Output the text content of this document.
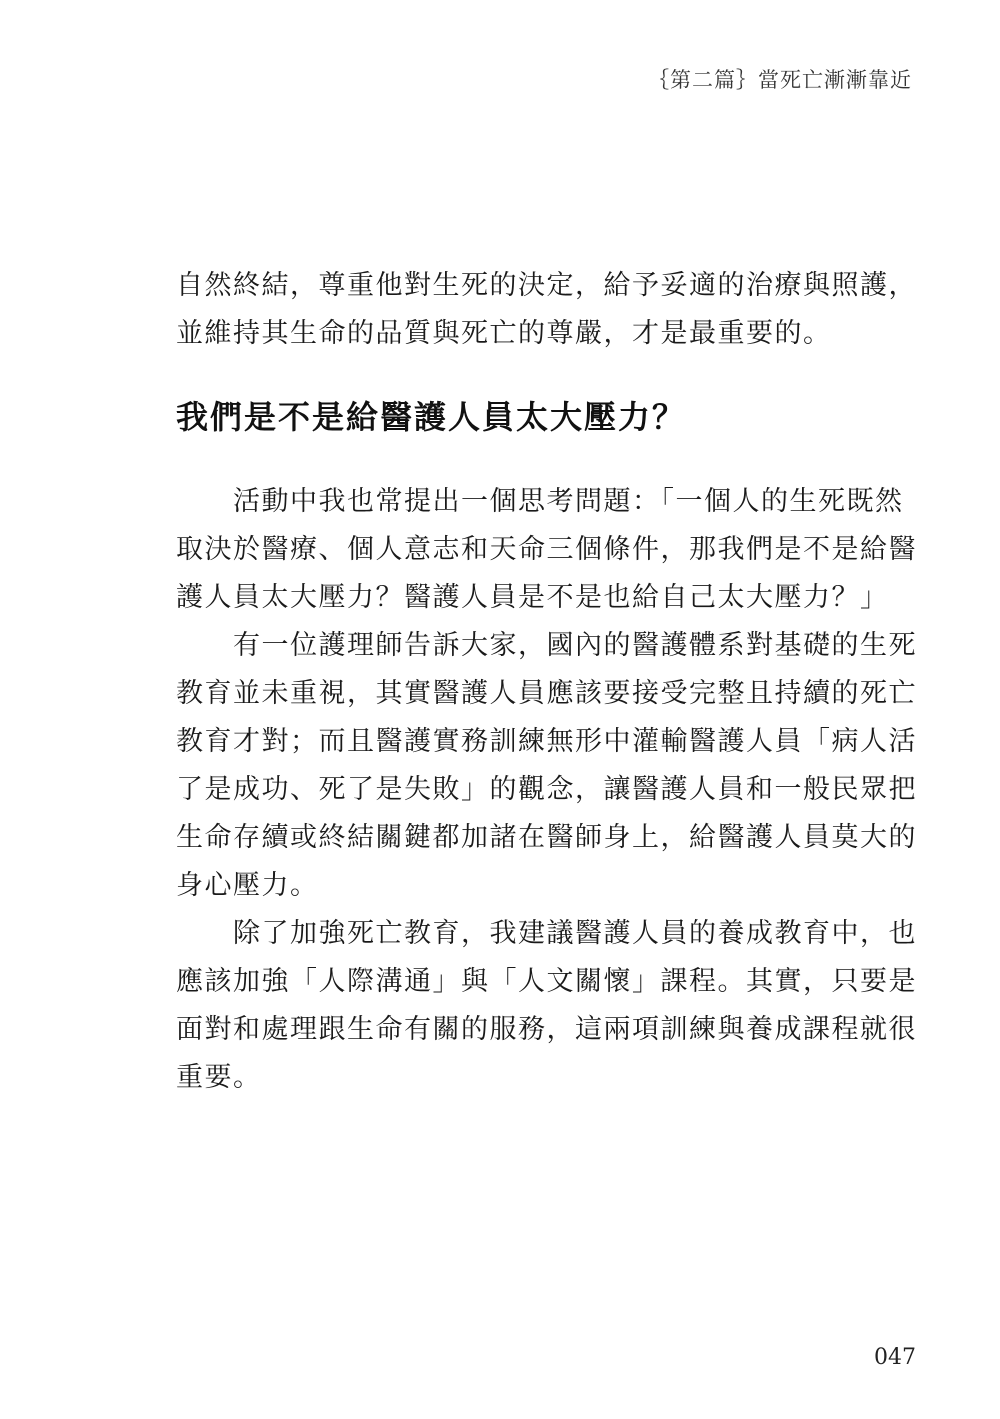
｛第二篇｝當死亡漸漸靠近
自然終結，尊重他對生死的決定，給予妥適的治療與照護，
並維持其生命的品質與死亡的尊嚴，才是最重要的。
我們是不是給醫護人員太大壓力？
　　活動中我也常提出一個思考問題：「一個人的生死既然
取決於醫療、個人意志和天命三個條件，那我們是不是給醫
護人員太大壓力？醫護人員是不是也給自己太大壓力？」
　　有一位護理師告訴大家，國內的醫護體系對基礎的生死
教育並未重視，其實醫護人員應該要接受完整且持續的死亡
教育才對；而且醫護實務訓練無形中灌輸醫護人員「病人活
了是成功、死了是失敗」的觀念，讓醫護人員和一般民眾把
生命存續或終結關鍵都加諸在醫師身上，給醫護人員莫大的
身心壓力。
　　除了加強死亡教育，我建議醫護人員的養成教育中，也
應該加強「人際溝通」與「人文關懷」課程。其實，只要是
面對和處理跟生命有關的服務，這兩項訓練與養成課程就很
重要。
047
